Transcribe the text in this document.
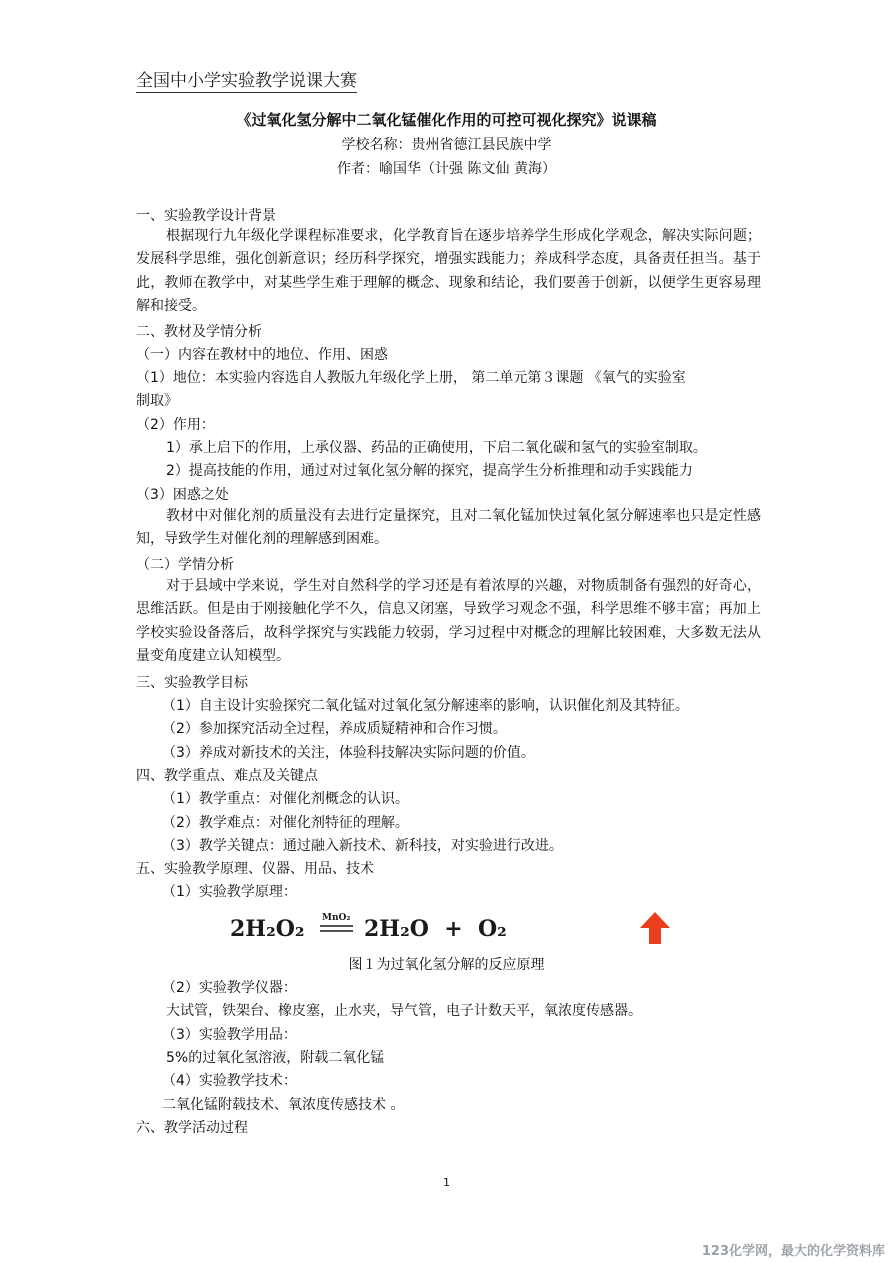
全国中小学实验教学说课大赛
《过氧化氢分解中二氧化锰催化作用的可控可视化探究》说课稿
学校名称：贵州省德江县民族中学
作者：喻国华（计强 陈文仙 黄海）
一、实验教学设计背景
根据现行九年级化学课程标准要求，化学教育旨在逐步培养学生形成化学观念，解决实际问题；发展科学思维，强化创新意识；经历科学探究，增强实践能力；养成科学态度，具备责任担当。基于此，教师在教学中，对某些学生难于理解的概念、现象和结论，我们要善于创新，以便学生更容易理解和接受。
二、教材及学情分析
（一）内容在教材中的地位、作用、困惑
（1）地位：本实验内容选自人教版九年级化学上册， 第二单元第３课题 《氧气的实验室
制取》
（2）作用：
1）承上启下的作用，上承仪器、药品的正确使用，下启二氧化碳和氢气的实验室制取。
2）提高技能的作用，通过对过氧化氢分解的探究，提高学生分析推理和动手实践能力
（3）困惑之处
教材中对催化剂的质量没有去进行定量探究，且对二氧化锰加快过氧化氢分解速率也只是定性感知，导致学生对催化剂的理解感到困难。
（二）学情分析
对于县域中学来说，学生对自然科学的学习还是有着浓厚的兴趣，对物质制备有强烈的好奇心，思维活跃。但是由于刚接触化学不久，信息又闭塞，导致学习观念不强，科学思维不够丰富；再加上学校实验设备落后，故科学探究与实践能力较弱，学习过程中对概念的理解比较困难，大多数无法从量变角度建立认知模型。
三、实验教学目标
（1）自主设计实验探究二氧化锰对过氧化氢分解速率的影响，认识催化剂及其特征。
（2）参加探究活动全过程，养成质疑精神和合作习惯。
（3）养成对新技术的关注，体验科技解决实际问题的价值。
四、教学重点、难点及关键点
（1）教学重点：对催化剂概念的认识。
（2）教学难点：对催化剂特征的理解。
（3）教学关键点：通过融入新技术、新科技，对实验进行改进。
五、实验教学原理、仪器、用品、技术
（1）实验教学原理：
2H₂O₂ MnO₂ 2H₂O  +  O₂
图１为过氧化氢分解的反应原理
（2）实验教学仪器：
大试管，铁架台、橡皮塞，止水夹，导气管，电子计数天平，氧浓度传感器。
（3）实验教学用品：
5%的过氧化氢溶液，附载二氧化锰
（4）实验教学技术：
二氧化锰附载技术、氧浓度传感技术 。
六、教学活动过程
1
123化学网，最大的化学资料库
